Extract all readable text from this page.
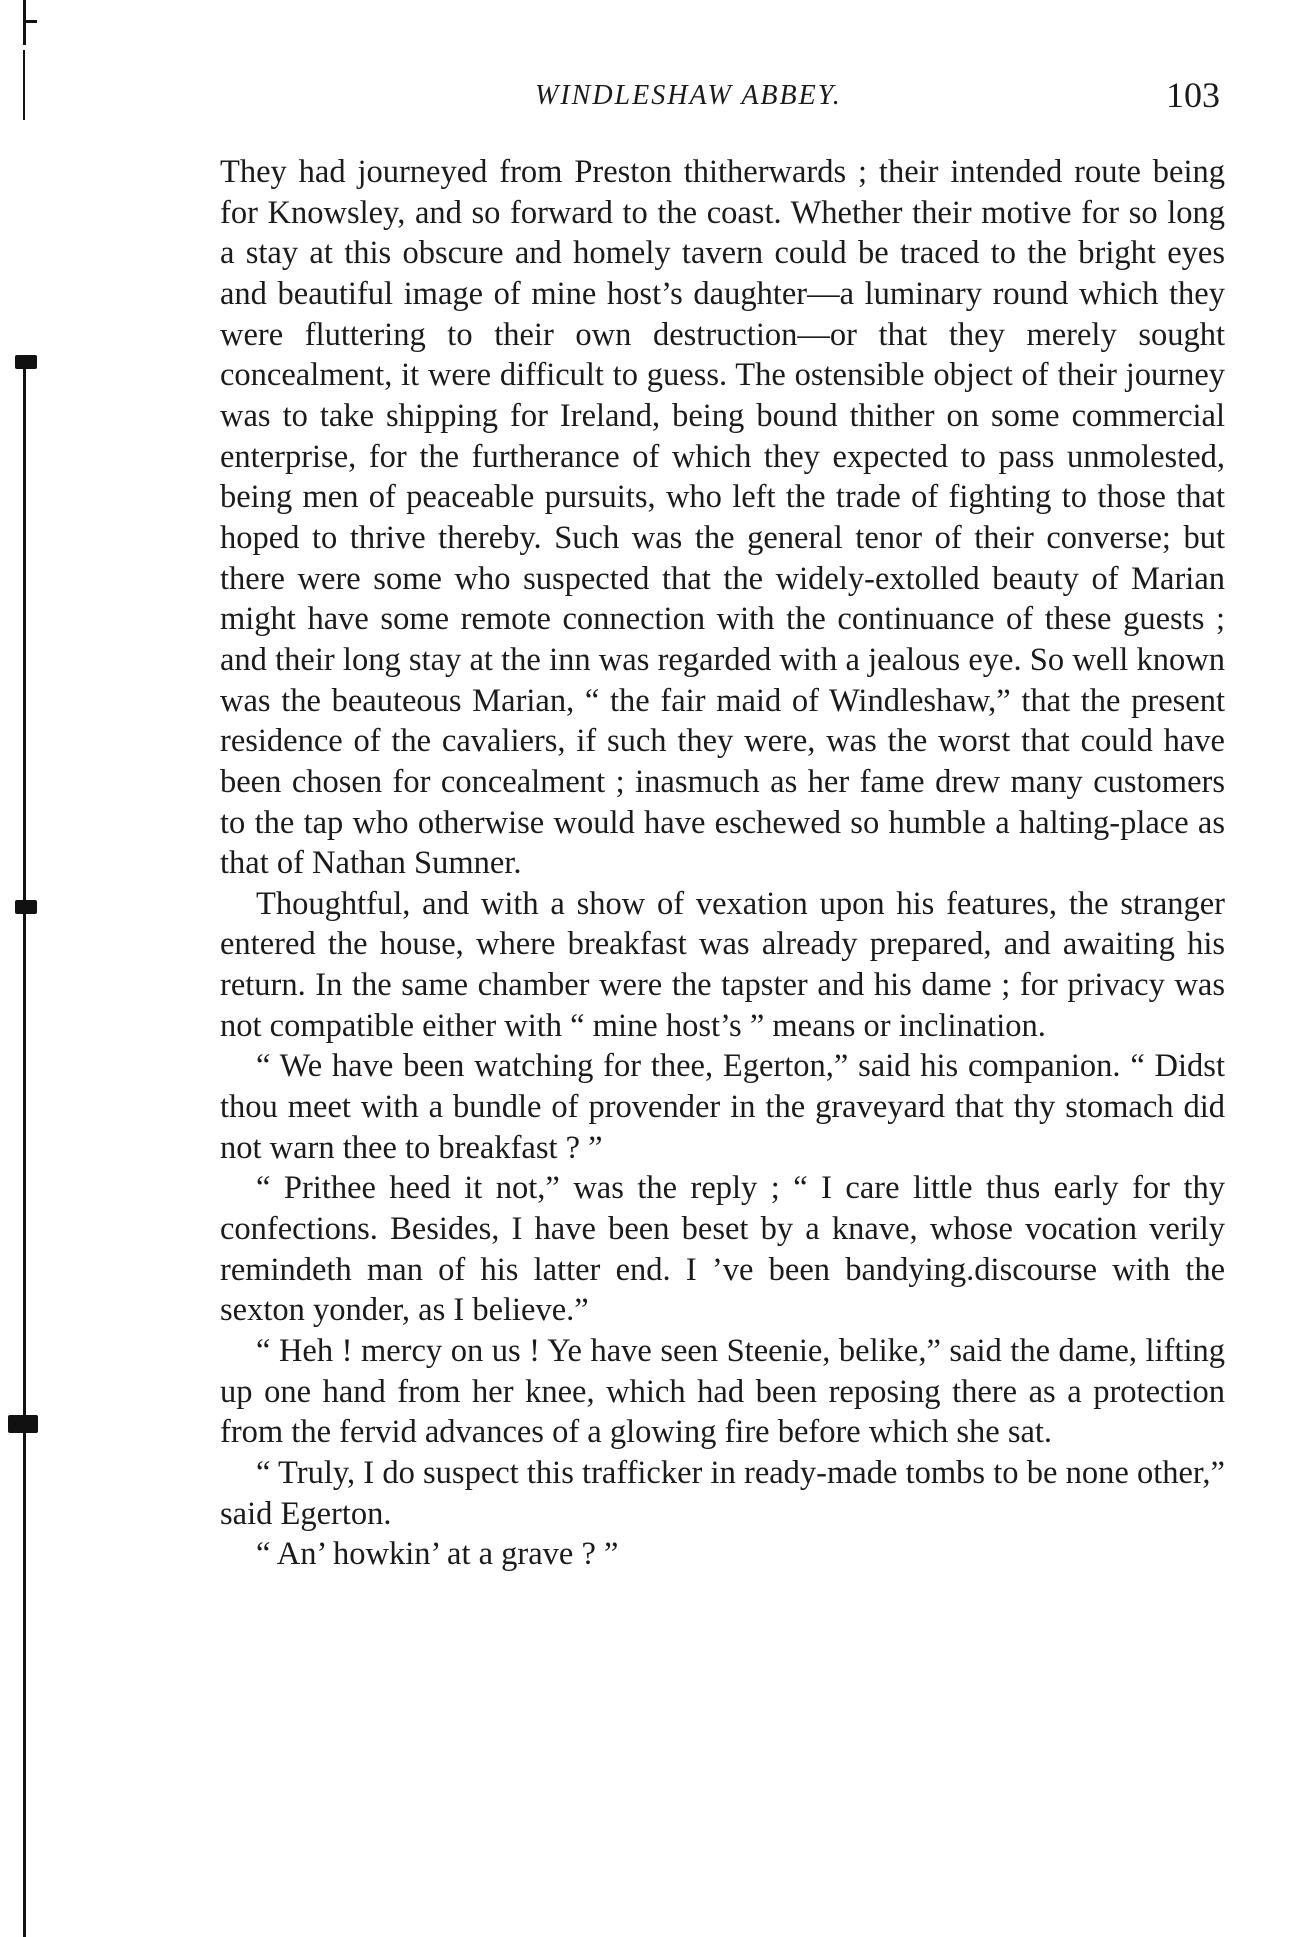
WINDLESHAW ABBEY.	103

They had journeyed from Preston thitherwards ; their intended route being for Knowsley, and so forward to the coast. Whether their motive for so long a stay at this obscure and homely tavern could be traced to the bright eyes and beautiful image of mine host’s daughter—a luminary round which they were fluttering to their own destruction—or that they merely sought concealment, it were difficult to guess. The ostensible object of their journey was to take shipping for Ireland, being bound thither on some commercial enterprise, for the furtherance of which they expected to pass unmolested, being men of peaceable pursuits, who left the trade of fighting to those that hoped to thrive thereby. Such was the general tenor of their converse; but there were some who suspected that the widely-extolled beauty of Marian might have some remote connection with the continuance of these guests ; and their long stay at the inn was regarded with a jealous eye. So well known was the beauteous Marian, “ the fair maid of Windleshaw,” that the present residence of the cavaliers, if such they were, was the worst that could have been chosen for concealment ; inasmuch as her fame drew many customers to the tap who otherwise would have eschewed so humble a halting-place as that of Nathan Sumner.

Thoughtful, and with a show of vexation upon his features, the stranger entered the house, where breakfast was already prepared, and awaiting his return. In the same chamber were the tapster and his dame ; for privacy was not compatible either with “ mine host’s ” means or inclination.

“ We have been watching for thee, Egerton,” said his companion. “ Didst thou meet with a bundle of provender in the graveyard that thy stomach did not warn thee to breakfast ? ”

“ Prithee heed it not,” was the reply ; “ I care little thus early for thy confections. Besides, I have been beset by a knave, whose vocation verily remindeth man of his latter end. I ’ve been bandying.discourse with the sexton yonder, as I believe.”

“ Heh ! mercy on us ! Ye have seen Steenie, belike,” said the dame, lifting up one hand from her knee, which had been reposing there as a protection from the fervid advances of a glowing fire before which she sat.

“ Truly, I do suspect this trafficker in ready-made tombs to be none other,” said Egerton.

“ An’ howkin’ at a grave ? ”
